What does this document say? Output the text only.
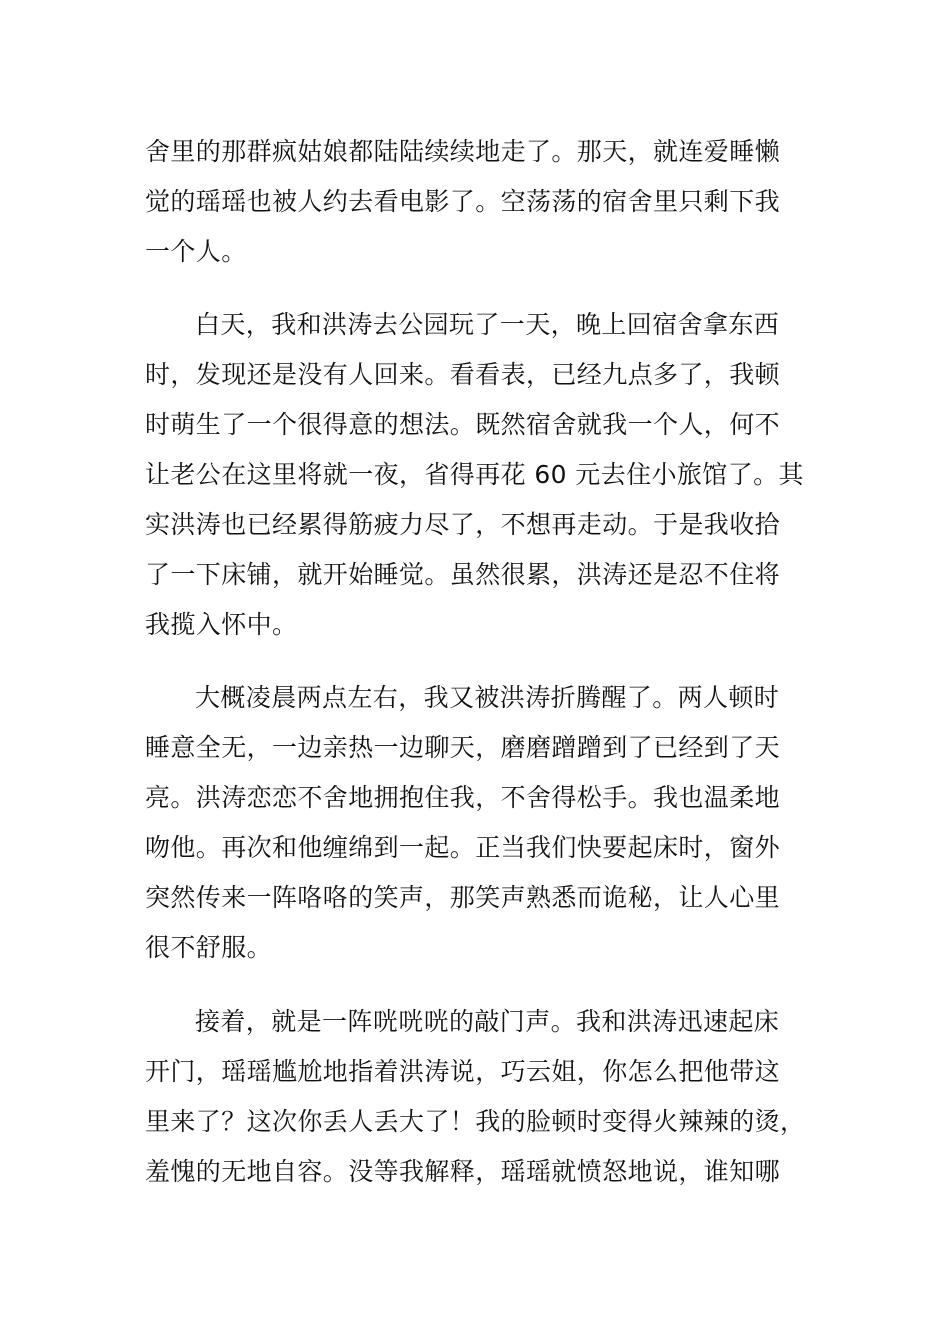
舍里的那群疯姑娘都陆陆续续地走了。那天，就连爱睡懒
觉的瑶瑶也被人约去看电影了。空荡荡的宿舍里只剩下我
一个人。
白天，我和洪涛去公园玩了一天，晚上回宿舍拿东西
时，发现还是没有人回来。看看表，已经九点多了，我顿
时萌生了一个很得意的想法。既然宿舍就我一个人，何不
让老公在这里将就一夜，省得再花 60 元去住小旅馆了。其
实洪涛也已经累得筋疲力尽了，不想再走动。于是我收拾
了一下床铺，就开始睡觉。虽然很累，洪涛还是忍不住将
我揽入怀中。
大概凌晨两点左右，我又被洪涛折腾醒了。两人顿时
睡意全无，一边亲热一边聊天，磨磨蹭蹭到了已经到了天
亮。洪涛恋恋不舍地拥抱住我，不舍得松手。我也温柔地
吻他。再次和他缠绵到一起。正当我们快要起床时，窗外
突然传来一阵咯咯的笑声，那笑声熟悉而诡秘，让人心里
很不舒服。
接着，就是一阵咣咣咣的敲门声。我和洪涛迅速起床
开门，瑶瑶尴尬地指着洪涛说，巧云姐，你怎么把他带这
里来了？这次你丢人丢大了！我的脸顿时变得火辣辣的烫，
羞愧的无地自容。没等我解释，瑶瑶就愤怒地说，谁知哪
